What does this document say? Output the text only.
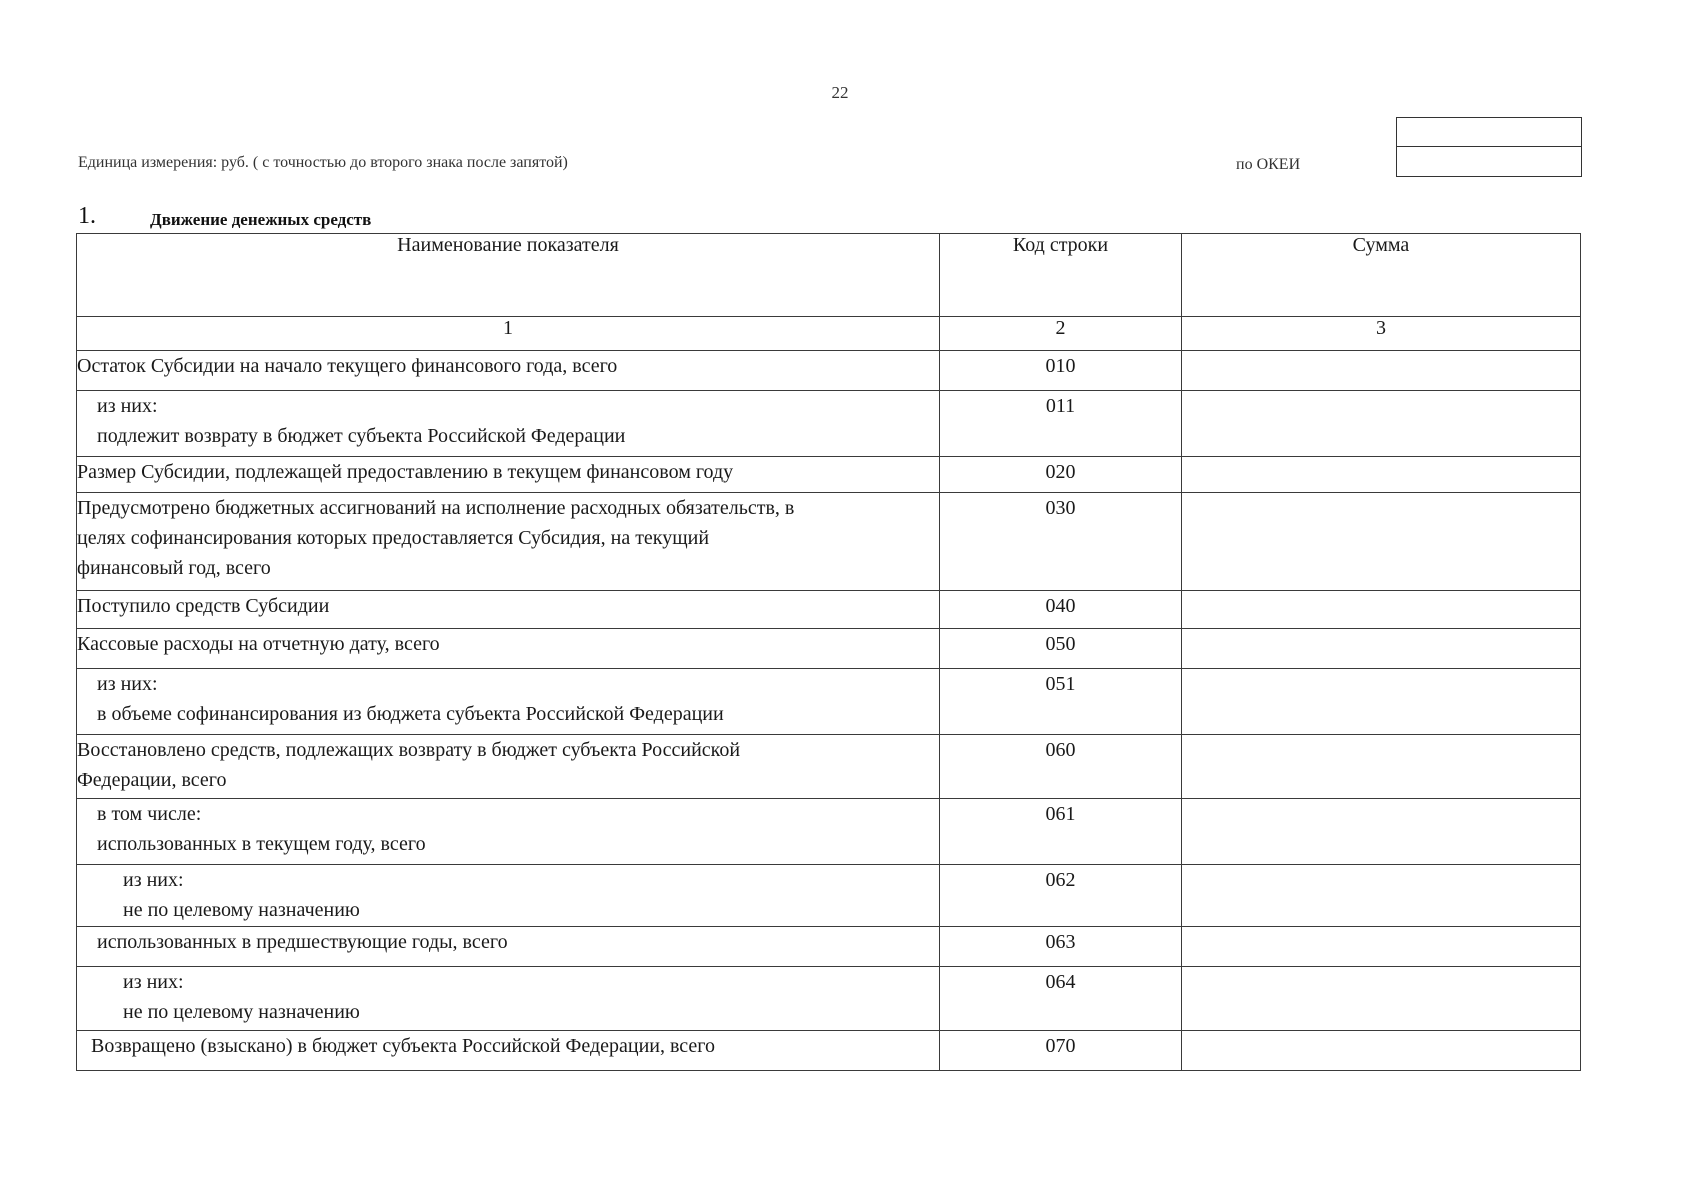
22
Единица измерения: руб. ( с точностью до второго знака после запятой)	по ОКЕИ
1.	Движение денежных средств
Наименование показателя	Код строки	Сумма
1	2	3

Остаток Субсидии на начало текущего финансового года, всего	010	

из них:
подлежит возврату в бюджет субъекта Российской Федерации	011	

Размер Субсидии, подлежащей предоставлению в текущем финансовом году	020	

Предусмотрено бюджетных ассигнований на исполнение расходных обязательств, в
целях софинансирования которых предоставляется Субсидия, на текущий
финансовый год, всего	030	

Поступило средств Субсидии	040	

Кассовые расходы на отчетную дату, всего	050	

из них:
в объеме софинансирования из бюджета субъекта Российской Федерации	051	

Восстановлено средств, подлежащих возврату в бюджет субъекта Российской
Федерации, всего	060	

в том числе:
использованных в текущем году, всего	061	

из них:
не по целевому назначению	062	

использованных в предшествующие годы, всего	063	

из них:
не по целевому назначению	064	

Возвращено (взыскано) в бюджет субъекта Российской Федерации, всего	070	
